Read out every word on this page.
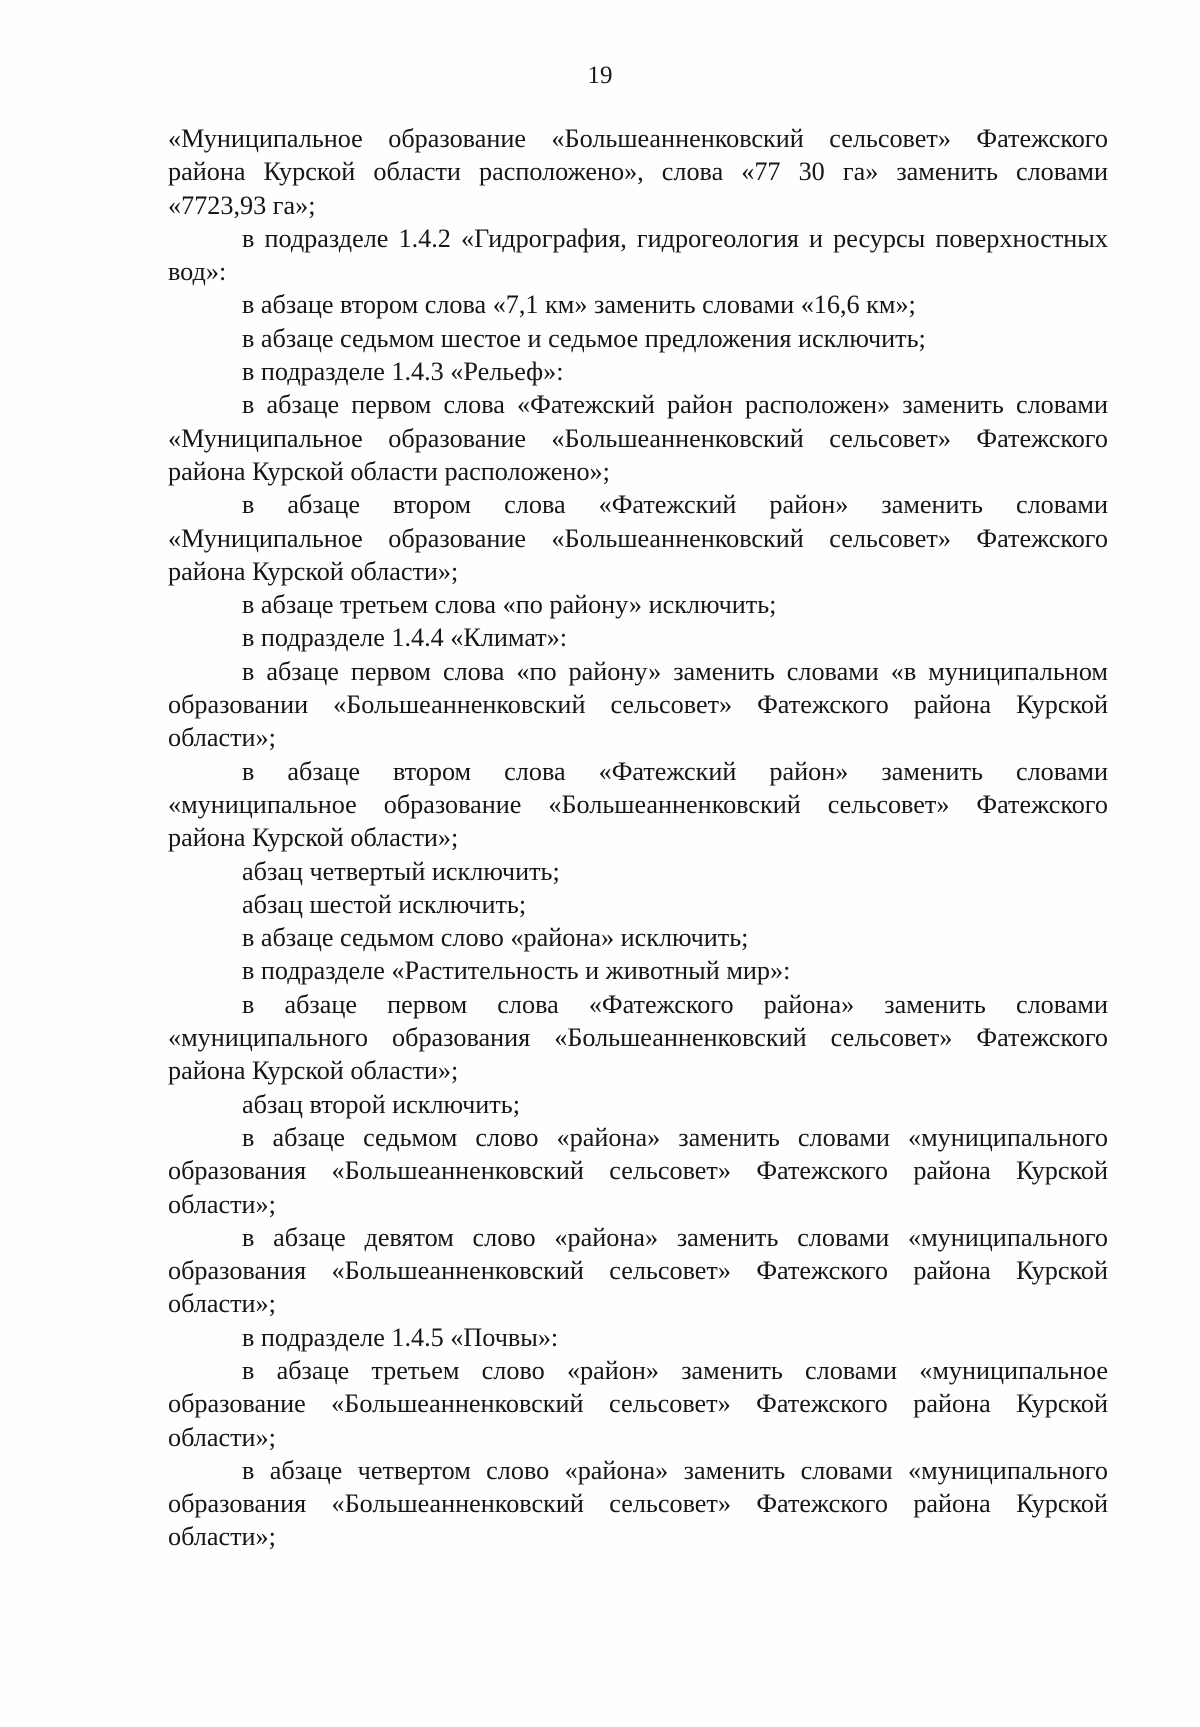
19

«Муниципальное образование «Большеанненковский сельсовет» Фатежского района Курской области расположено», слова «77 30 га» заменить словами «7723,93 га»;

в подразделе 1.4.2 «Гидрография, гидрогеология и ресурсы поверхностных вод»:

в абзаце втором слова «7,1 км» заменить словами «16,6 км»;

в абзаце седьмом шестое и седьмое предложения исключить;

в подразделе 1.4.3 «Рельеф»:

в абзаце первом слова «Фатежский район расположен» заменить словами «Муниципальное образование «Большеанненковский сельсовет» Фатежского района Курской области расположено»;

в абзаце втором слова «Фатежский район» заменить словами «Муниципальное образование «Большеанненковский сельсовет» Фатежского района Курской области»;

в абзаце третьем слова «по району» исключить;

в подразделе 1.4.4 «Климат»:

в абзаце первом слова «по району» заменить словами «в муниципальном образовании «Большеанненковский сельсовет» Фатежского района Курской области»;

в абзаце втором слова «Фатежский район» заменить словами «муниципальное образование «Большеанненковский сельсовет» Фатежского района Курской области»;

абзац четвертый исключить;

абзац шестой исключить;

в абзаце седьмом слово «района» исключить;

в подразделе «Растительность и животный мир»:

в абзаце первом слова «Фатежского района» заменить словами «муниципального образования «Большеанненковский сельсовет» Фатежского района Курской области»;

абзац второй исключить;

в абзаце седьмом слово «района» заменить словами «муниципального образования «Большеанненковский сельсовет» Фатежского района Курской области»;

в абзаце девятом слово «района» заменить словами «муниципального образования «Большеанненковский сельсовет» Фатежского района Курской области»;

в подразделе 1.4.5 «Почвы»:

в абзаце третьем слово «район» заменить словами «муниципальное образование «Большеанненковский сельсовет» Фатежского района Курской области»;

в абзаце четвертом слово «района» заменить словами «муниципального образования «Большеанненковский сельсовет» Фатежского района Курской области»;
